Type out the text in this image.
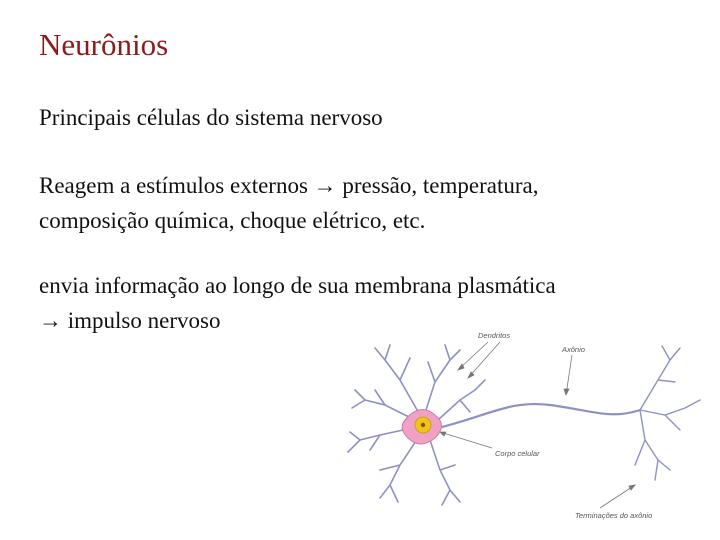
Neurônios
Principais células do sistema nervoso
Reagem a estímulos externos → pressão, temperatura,
composição química, choque elétrico, etc.
envia informação ao longo de sua membrana plasmática
→ impulso nervoso
Dendritos
Axônio
Corpo celular
Terminações do axônio
